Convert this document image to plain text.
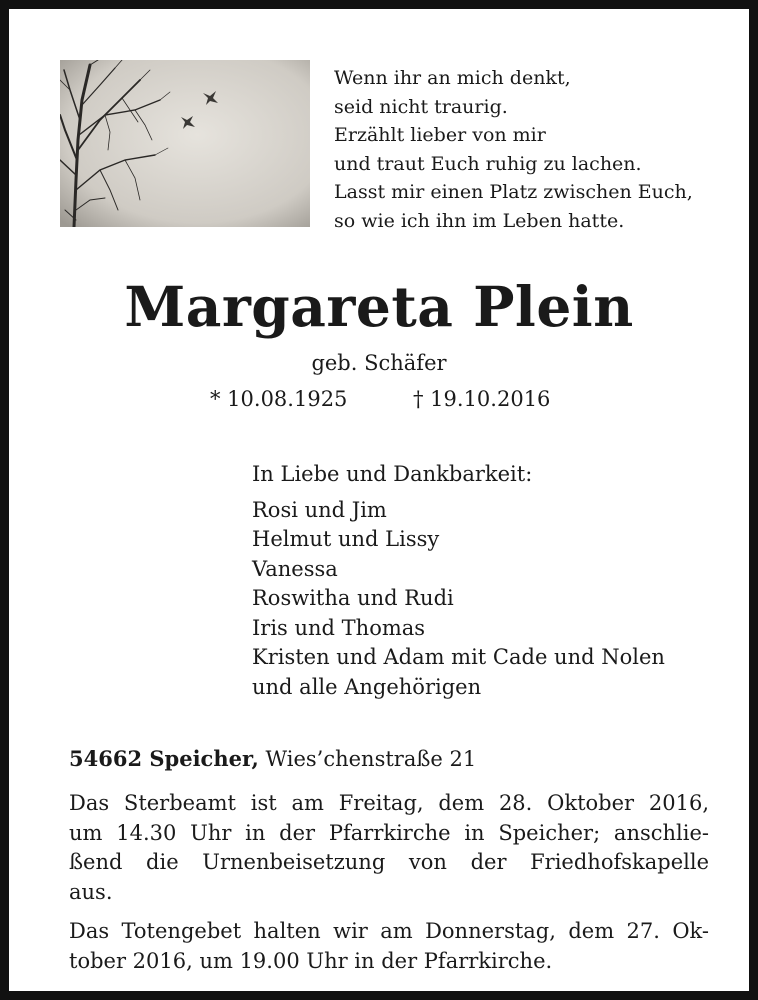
Wenn ihr an mich denkt,
seid nicht traurig.
Erzählt lieber von mir
und traut Euch ruhig zu lachen.
Lasst mir einen Platz zwischen Euch,
so wie ich ihn im Leben hatte.

Margareta Plein
geb. Schäfer
* 10.08.1925	† 19.10.2016
In Liebe und Dankbarkeit:
Rosi und Jim
Helmut und Lissy
Vanessa
Roswitha und Rudi
Iris und Thomas
Kristen und Adam mit Cade und Nolen
und alle Angehörigen
54662 Speicher, Wies’chenstraße 21

Das Sterbeamt ist am Freitag, dem 28. Oktober 2016,
um 14.30 Uhr in der Pfarrkirche in Speicher; anschlie-
ßend die Urnenbeisetzung von der Friedhofskapelle
aus.

Das Totengebet halten wir am Donnerstag, dem 27. Ok-
tober 2016, um 19.00 Uhr in der Pfarrkirche.
